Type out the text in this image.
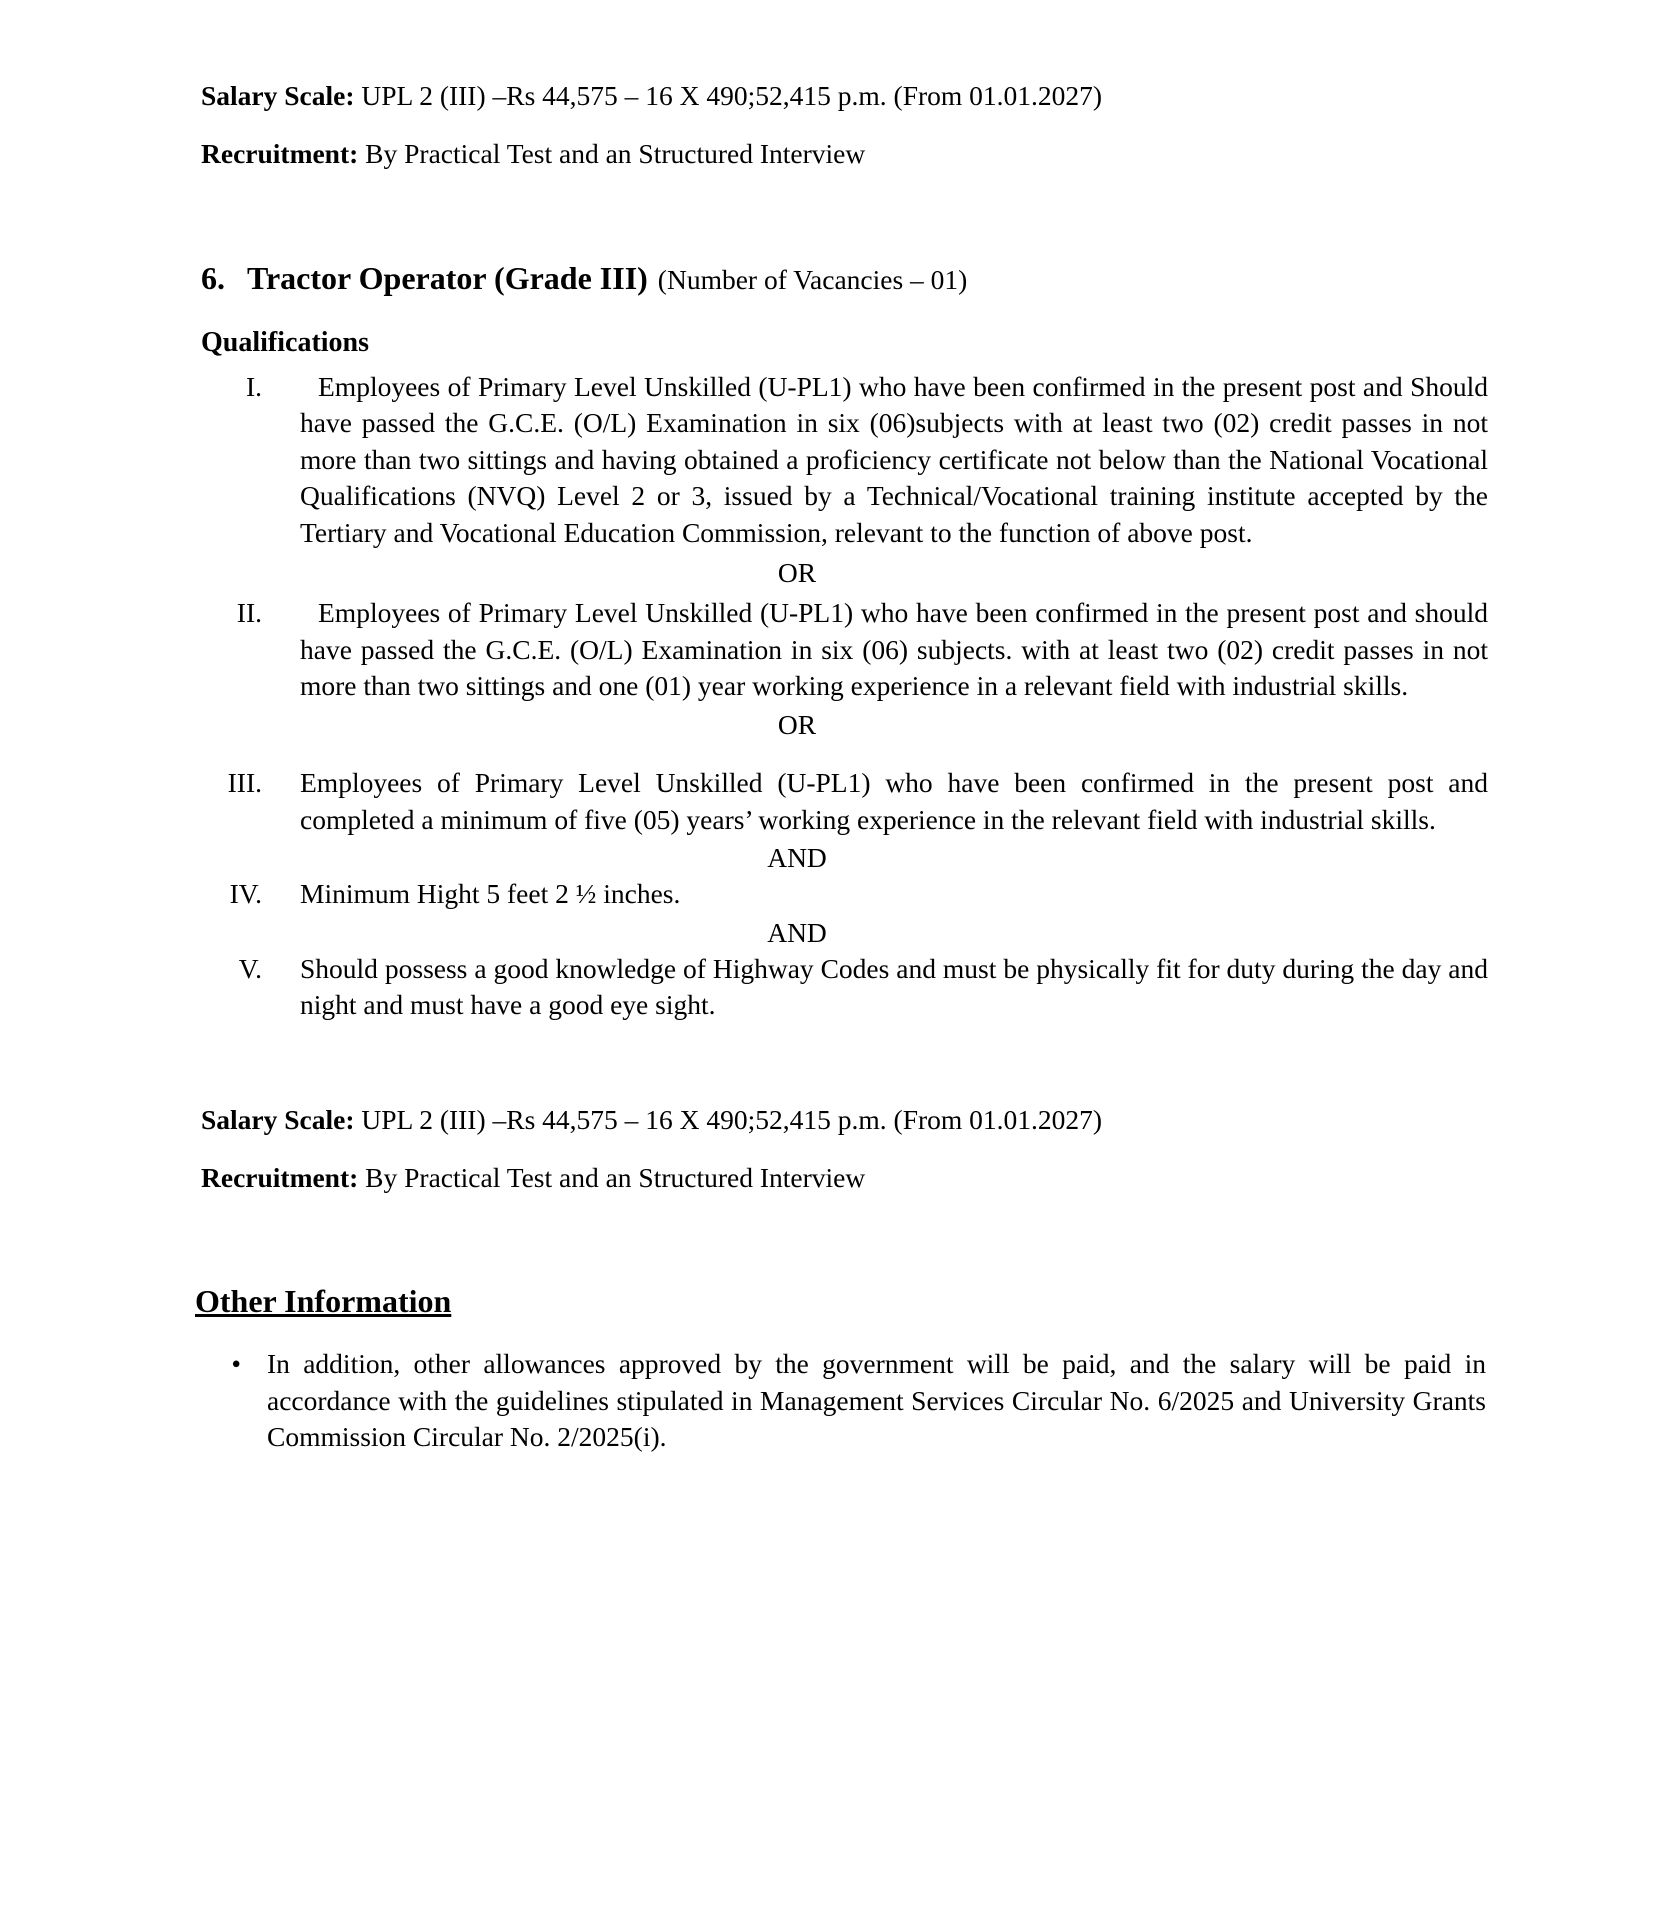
Salary Scale: UPL 2 (III) –Rs 44,575 – 16 X 490;52,415 p.m. (From 01.01.2027)
Recruitment: By Practical Test and an Structured Interview
6. Tractor Operator (Grade III) (Number of Vacancies – 01)
Qualifications
I.	Employees of Primary Level Unskilled (U-PL1) who have been confirmed in the present post and Should have passed the G.C.E. (O/L) Examination in six (06)subjects with at least two (02) credit passes in not more than two sittings and having obtained a proficiency certificate not below than the National Vocational Qualifications (NVQ) Level 2 or 3, issued by a Technical/Vocational training institute accepted by the Tertiary and Vocational Education Commission, relevant to the function of above post.
OR
II.	Employees of Primary Level Unskilled (U-PL1) who have been confirmed in the present post and should have passed the G.C.E. (O/L) Examination in six (06) subjects. with at least two (02) credit passes in not more than two sittings and one (01) year working experience in a relevant field with industrial skills.
OR
III.	Employees of Primary Level Unskilled (U-PL1) who have been confirmed in the present post and completed a minimum of five (05) years’ working experience in the relevant field with industrial skills.
AND
IV.	Minimum Hight 5 feet 2 ½ inches.
AND
V.	Should possess a good knowledge of Highway Codes and must be physically fit for duty during the day and night and must have a good eye sight.
Salary Scale: UPL 2 (III) –Rs 44,575 – 16 X 490;52,415 p.m. (From 01.01.2027)
Recruitment: By Practical Test and an Structured Interview
Other Information
• In addition, other allowances approved by the government will be paid, and the salary will be paid in accordance with the guidelines stipulated in Management Services Circular No. 6/2025 and University Grants Commission Circular No. 2/2025(i).
